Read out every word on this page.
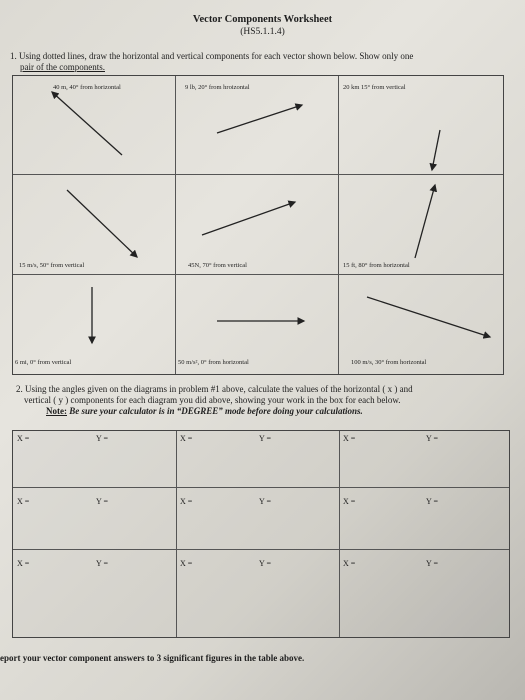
Vector Components Worksheet
(HS5.1.1.4)
1. Using dotted lines, draw the horizontal and vertical components for each vector shown below. Show only one
pair of the components.
40 m, 40° from horizontal	9 lb, 20° from hroizontal	20 km 15° from vertical
15 m/s, 50° from vertical	45N, 70° from vertical	15 ft, 80° from horizontal
6 mi, 0° from vertical	50 m/s², 0° from horizontal	100 m/s, 30° from horizontal
2. Using the angles given on the diagrams in problem #1 above, calculate the values of the horizontal ( x ) and
vertical ( y ) components for each diagram you did above, showing your work in the box for each below.
Note: Be sure your calculator is in “DEGREE” mode before doing your calculations.
X =	Y =	X =	Y =	X =	Y =
X =	Y =	X =	Y =	X =	Y =
X =	Y =	X =	Y =	X =	Y =
eport your vector component answers to 3 significant figures in the table above.
